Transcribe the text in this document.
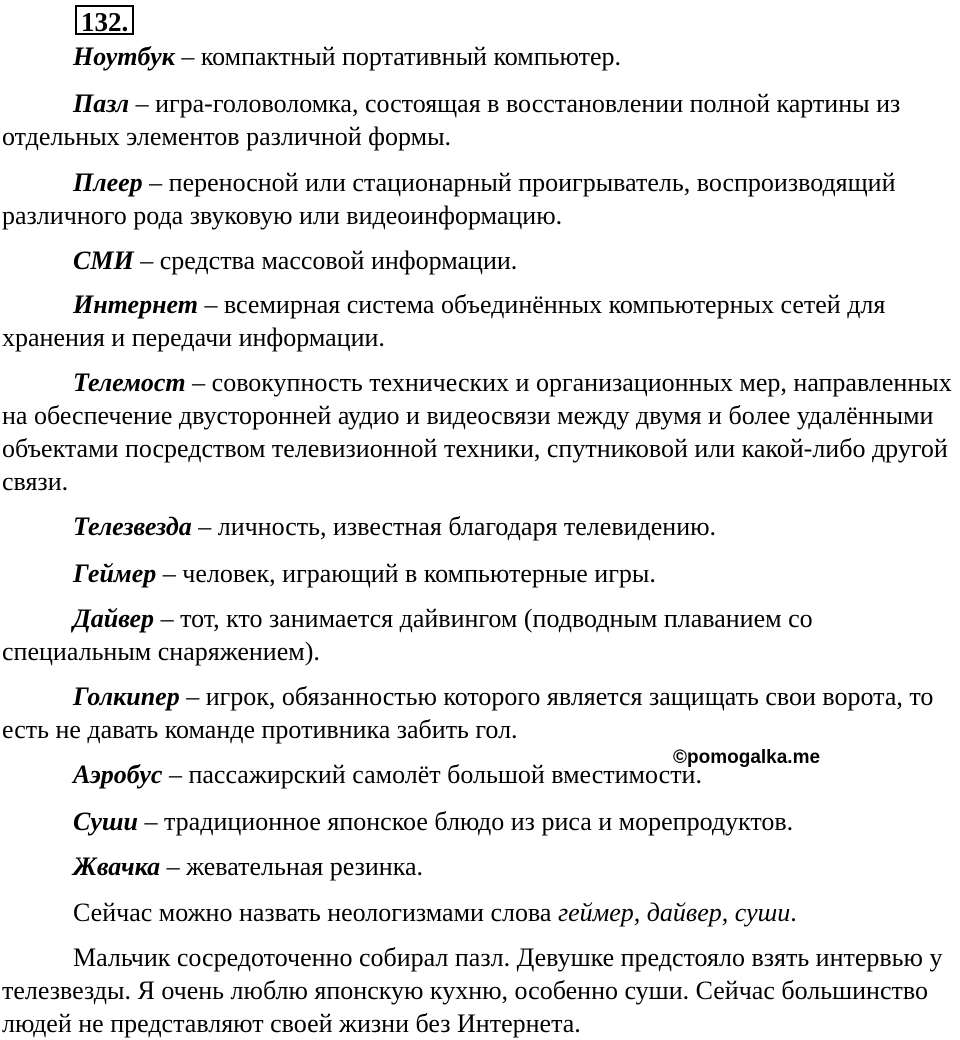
132.

Ноутбук – компактный портативный компьютер.

Пазл – игра-головоломка, состоящая в восстановлении полной картины из отдельных элементов различной формы.

Плеер – переносной или стационарный проигрыватель, воспроизводящий различного рода звуковую или видеоинформацию.

СМИ – средства массовой информации.

Интернет – всемирная система объединённых компьютерных сетей для хранения и передачи информации.

Телемост – совокупность технических и организационных мер, направленных на обеспечение двусторонней аудио и видеосвязи между двумя и более удалёнными объектами посредством телевизионной техники, спутниковой или какой-либо другой связи.

Телезвезда – личность, известная благодаря телевидению.

Геймер – человек, играющий в компьютерные игры.

Дайвер – тот, кто занимается дайвингом (подводным плаванием со специальным снаряжением).

Голкипер – игрок, обязанностью которого является защищать свои ворота, то есть не давать команде противника забить гол.

Аэробус – пассажирский самолёт большой вместимости.

Суши – традиционное японское блюдо из риса и морепродуктов.

Жвачка – жевательная резинка.

Сейчас можно назвать неологизмами слова геймер, дайвер, суши.

Мальчик сосредоточенно собирал пазл. Девушке предстояло взять интервью у телезвезды. Я очень люблю японскую кухню, особенно суши. Сейчас большинство людей не представляют своей жизни без Интернета.

©pomogalka.me
